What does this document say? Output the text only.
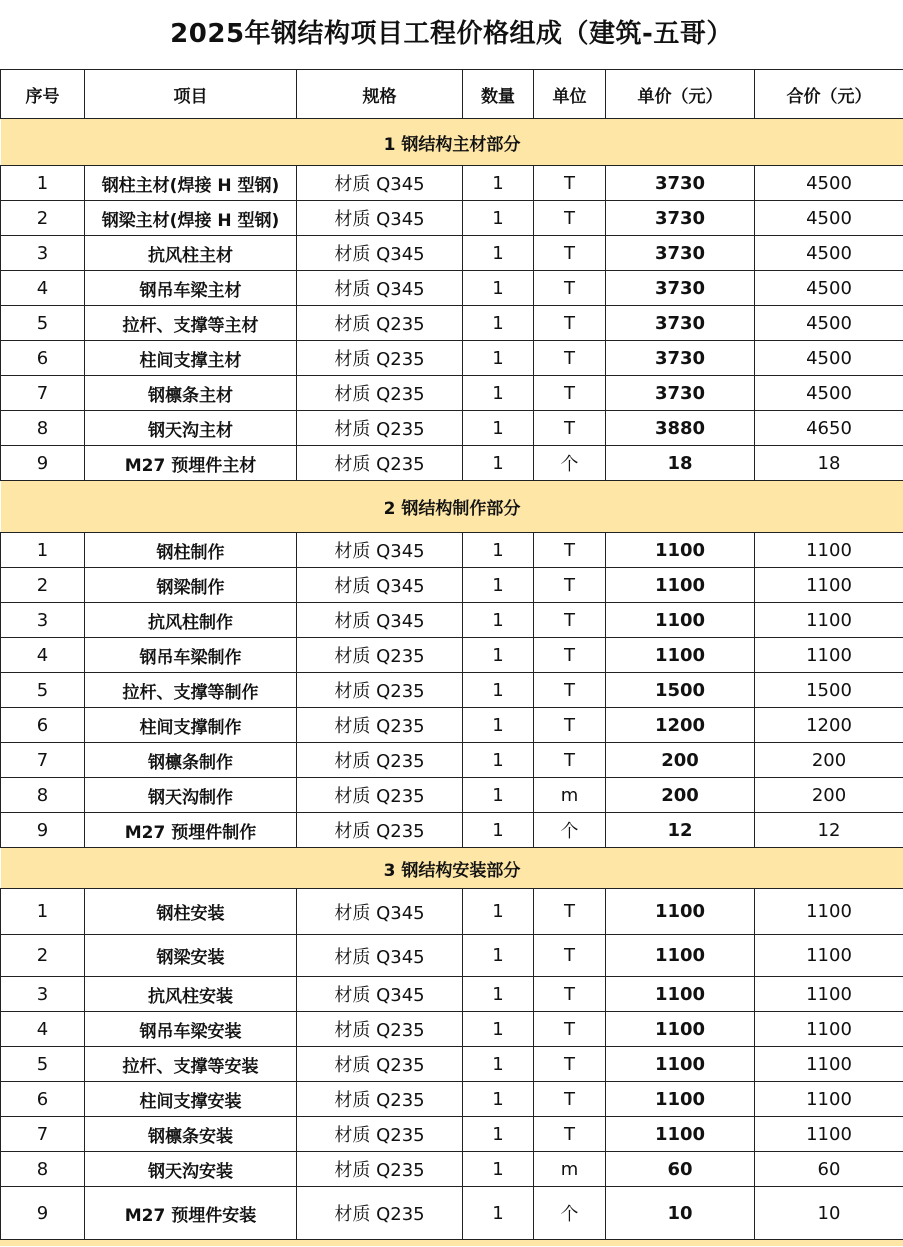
2025年钢结构项目工程价格组成（建筑-五哥）
序号	项目	规格	数量	单位	单价（元）	合价（元）
1 钢结构主材部分						
1	钢柱主材(焊接 H 型钢)	材质 Q345	1	T	3730	4500
2	钢梁主材(焊接 H 型钢)	材质 Q345	1	T	3730	4500
3	抗风柱主材	材质 Q345	1	T	3730	4500
4	钢吊车梁主材	材质 Q345	1	T	3730	4500
5	拉杆、支撑等主材	材质 Q235	1	T	3730	4500
6	柱间支撑主材	材质 Q235	1	T	3730	4500
7	钢檩条主材	材质 Q235	1	T	3730	4500
8	钢天沟主材	材质 Q235	1	T	3880	4650
9	M27 预埋件主材	材质 Q235	1	个	18	18
2 钢结构制作部分						
1	钢柱制作	材质 Q345	1	T	1100	1100
2	钢梁制作	材质 Q345	1	T	1100	1100
3	抗风柱制作	材质 Q345	1	T	1100	1100
4	钢吊车梁制作	材质 Q235	1	T	1100	1100
5	拉杆、支撑等制作	材质 Q235	1	T	1500	1500
6	柱间支撑制作	材质 Q235	1	T	1200	1200
7	钢檩条制作	材质 Q235	1	T	200	200
8	钢天沟制作	材质 Q235	1	m	200	200
9	M27 预埋件制作	材质 Q235	1	个	12	12
3 钢结构安装部分						
1	钢柱安装	材质 Q345	1	T	1100	1100
2	钢梁安装	材质 Q345	1	T	1100	1100
3	抗风柱安装	材质 Q345	1	T	1100	1100
4	钢吊车梁安装	材质 Q235	1	T	1100	1100
5	拉杆、支撑等安装	材质 Q235	1	T	1100	1100
6	柱间支撑安装	材质 Q235	1	T	1100	1100
7	钢檩条安装	材质 Q235	1	T	1100	1100
8	钢天沟安装	材质 Q235	1	m	60	60
9	M27 预埋件安装	材质 Q235	1	个	10	10
